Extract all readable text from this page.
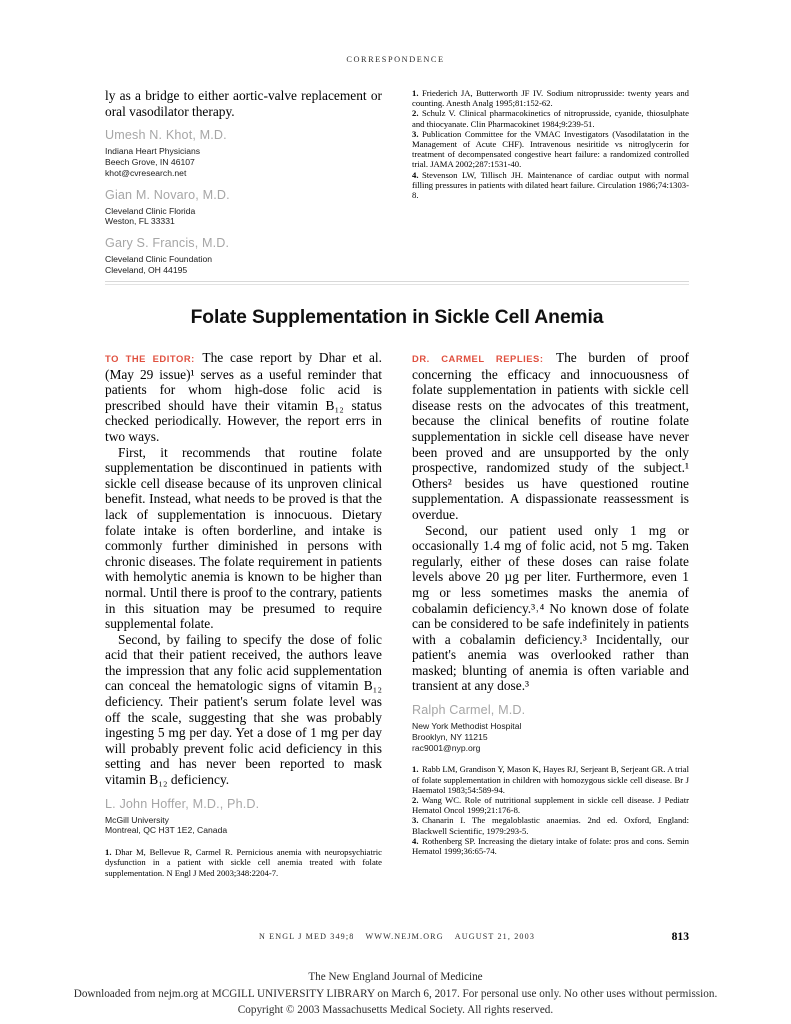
CORRESPONDENCE

ly as a bridge to either aortic-valve replacement or oral vasodilator therapy.

Umesh N. Khot, M.D.
Indiana Heart Physicians
Beech Grove, IN 46107
khot@cvresearch.net
Gian M. Novaro, M.D.
Cleveland Clinic Florida
Weston, FL 33331
Gary S. Francis, M.D.
Cleveland Clinic Foundation
Cleveland, OH 44195

1. Friederich JA, Butterworth JF IV. Sodium nitroprusside: twenty years and counting. Anesth Analg 1995;81:152-62.

2. Schulz V. Clinical pharmacokinetics of nitroprusside, cyanide, thiosulphate and thiocyanate. Clin Pharmacokinet 1984;9:239-51.

3. Publication Committee for the VMAC Investigators (Vasodilatation in the Management of Acute CHF). Intravenous nesiritide vs nitroglycerin for treatment of decompensated congestive heart failure: a randomized controlled trial. JAMA 2002;287:1531-40.

4. Stevenson LW, Tillisch JH. Maintenance of cardiac output with normal filling pressures in patients with dilated heart failure. Circulation 1986;74:1303-8.

Folate Supplementation in Sickle Cell Anemia

TO THE EDITOR: The case report by Dhar et al. (May 29 issue)¹ serves as a useful reminder that patients for whom high-dose folic acid is prescribed should have their vitamin B₁₂ status checked periodically. However, the report errs in two ways.

First, it recommends that routine folate supplementation be discontinued in patients with sickle cell disease because of its unproven clinical benefit. Instead, what needs to be proved is that the lack of supplementation is innocuous. Dietary folate intake is often borderline, and intake is commonly further diminished in persons with chronic diseases. The folate requirement in patients with hemolytic anemia is known to be higher than normal. Until there is proof to the contrary, patients in this situation may be presumed to require supplemental folate.

Second, by failing to specify the dose of folic acid that their patient received, the authors leave the impression that any folic acid supplementation can conceal the hematologic signs of vitamin B₁₂ deficiency. Their patient's serum folate level was off the scale, suggesting that she was probably ingesting 5 mg per day. Yet a dose of 1 mg per day will probably prevent folic acid deficiency in this setting and has never been reported to mask vitamin B₁₂ deficiency.

L. John Hoffer, M.D., Ph.D.
McGill University
Montreal, QC H3T 1E2, Canada

1. Dhar M, Bellevue R, Carmel R. Pernicious anemia with neuropsychiatric dysfunction in a patient with sickle cell anemia treated with folate supplementation. N Engl J Med 2003;348:2204-7.

DR. CARMEL REPLIES: The burden of proof concerning the efficacy and innocuousness of folate supplementation in patients with sickle cell disease rests on the advocates of this treatment, because the clinical benefits of routine folate supplementation in sickle cell disease have never been proved and are unsupported by the only prospective, randomized study of the subject.¹ Others² besides us have questioned routine supplementation. A dispassionate reassessment is overdue.

Second, our patient used only 1 mg or occasionally 1.4 mg of folic acid, not 5 mg. Taken regularly, either of these doses can raise folate levels above 20 µg per liter. Furthermore, even 1 mg or less sometimes masks the anemia of cobalamin deficiency.³˒⁴ No known dose of folate can be considered to be safe indefinitely in patients with a cobalamin deficiency.³ Incidentally, our patient's anemia was overlooked rather than masked; blunting of anemia is often variable and transient at any dose.³

Ralph Carmel, M.D.
New York Methodist Hospital
Brooklyn, NY 11215
rac9001@nyp.org

1. Rabb LM, Grandison Y, Mason K, Hayes RJ, Serjeant B, Serjeant GR. A trial of folate supplementation in children with homozygous sickle cell disease. Br J Haematol 1983;54:589-94.

2. Wang WC. Role of nutritional supplement in sickle cell disease. J Pediatr Hematol Oncol 1999;21:176-8.

3. Chanarin I. The megaloblastic anaemias. 2nd ed. Oxford, England: Blackwell Scientific, 1979:293-5.

4. Rothenberg SP. Increasing the dietary intake of folate: pros and cons. Semin Hematol 1999;36:65-74.

N ENGL J MED 349;8 WWW.NEJM.ORG AUGUST 21, 2003	813
The New England Journal of Medicine
Downloaded from nejm.org at MCGILL UNIVERSITY LIBRARY on March 6, 2017. For personal use only. No other uses without permission.
Copyright © 2003 Massachusetts Medical Society. All rights reserved.
